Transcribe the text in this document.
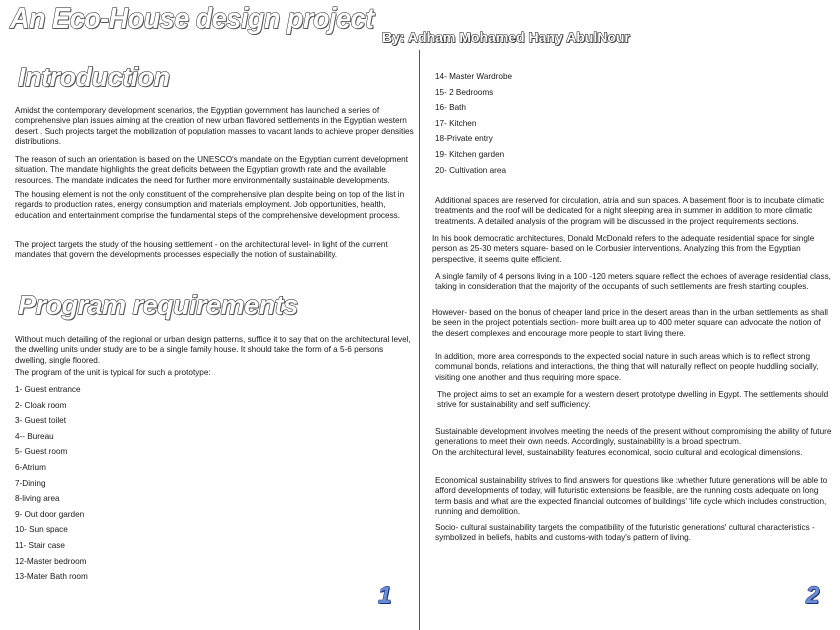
An Eco-House design project
By: Adham Mohamed Hany AbulNour
Introduction

Amidst the contemporary development scenarios, the Egyptian government has launched a series of comprehensive plan issues aiming at the creation of new urban flavored settlements in the Egyptian western desert . Such projects target the mobilization of population masses to vacant lands to achieve proper densities distributions.

The reason of such an orientation is based on the UNESCO's mandate on the Egyptian current development situation. The mandate highlights the great deficits between the Egyptian growth rate and the available resources. The mandate indicates the need for further more environmentally sustainable developments.

The housing element is not the only constituent of the comprehensive plan despite being on top of the list in regards to production rates, energy consumption and materials employment. Job opportunities, health, education and entertainment comprise the fundamental steps of the comprehensive development process.

The project targets the study of the housing settlement - on the architectural level- in light of the current mandates that govern the developments processes especially the notion of sustainability.

Program requirements

Without much detailing of the regional or urban design patterns, suffice it to say that on the architectural level, the dwelling units under study are to be a single family house. It should take the form of a 5-6 persons dwelling, single floored.

The program of the unit is typical for such a prototype:

1- Guest entrance
2- Cloak room
3- Guest toilet
4-- Bureau
5- Guest room
6-Atrium
7-Dining
8-living area
9- Out door garden
10- Sun space
11- Stair case
12-Master bedroom
13-Mater Bath room
1
14- Master Wardrobe
15- 2 Bedrooms
16- Bath
17- Kitchen
18-Private entry
19- Kitchen garden
20- Cultivation area

Additional spaces are reserved for circulation, atria and sun spaces. A basement floor is to incubate climatic treatments and the roof will be dedicated for a night sleeping area in summer in addition to more climatic treatments. A detailed analysis of the program will be discussed in the project requirements sections.

In his book democratic architectures, Donald McDonald refers to the adequate residential space for single person as 25-30 meters square- based on le Corbusier interventions. Analyzing this from the Egyptian perspective, it seems quite efficient.

A single family of 4 persons living in a 100 -120 meters square reflect the echoes of average residential class, taking in consideration that the majority of the occupants of such settlements are fresh starting couples.

However- based on the bonus of cheaper land price in the desert areas than in the urban settlements as shall be seen in the project potentials section- more built area up to 400 meter square can advocate the notion of the desert complexes and encourage more people to start living there.

In addition, more area corresponds to the expected social nature in such areas which is to reflect strong communal bonds, relations and interactions, the thing that will naturally reflect on people huddling socially, visiting one another and thus requiring more space.

The project aims to set an example for a western desert prototype dwelling in Egypt. The settlements should strive for sustainability and self sufficiency.

Sustainable development involves meeting the needs of the present without compromising the ability of future generations to meet their own needs. Accordingly, sustainability is a broad spectrum.

On the architectural level, sustainability features economical, socio cultural and ecological dimensions.

Economical sustainability strives to find answers for questions like :whether future generations will be able to afford developments of today, will futuristic extensions be feasible, are the running costs adequate on long term basis and what are the expected financial outcomes of buildings' 'life cycle which includes construction, running and demolition.

Socio- cultural sustainability targets the compatibility of the futuristic generations' cultural characteristics - symbolized in beliefs, habits and customs-with today's pattern of living.

2
